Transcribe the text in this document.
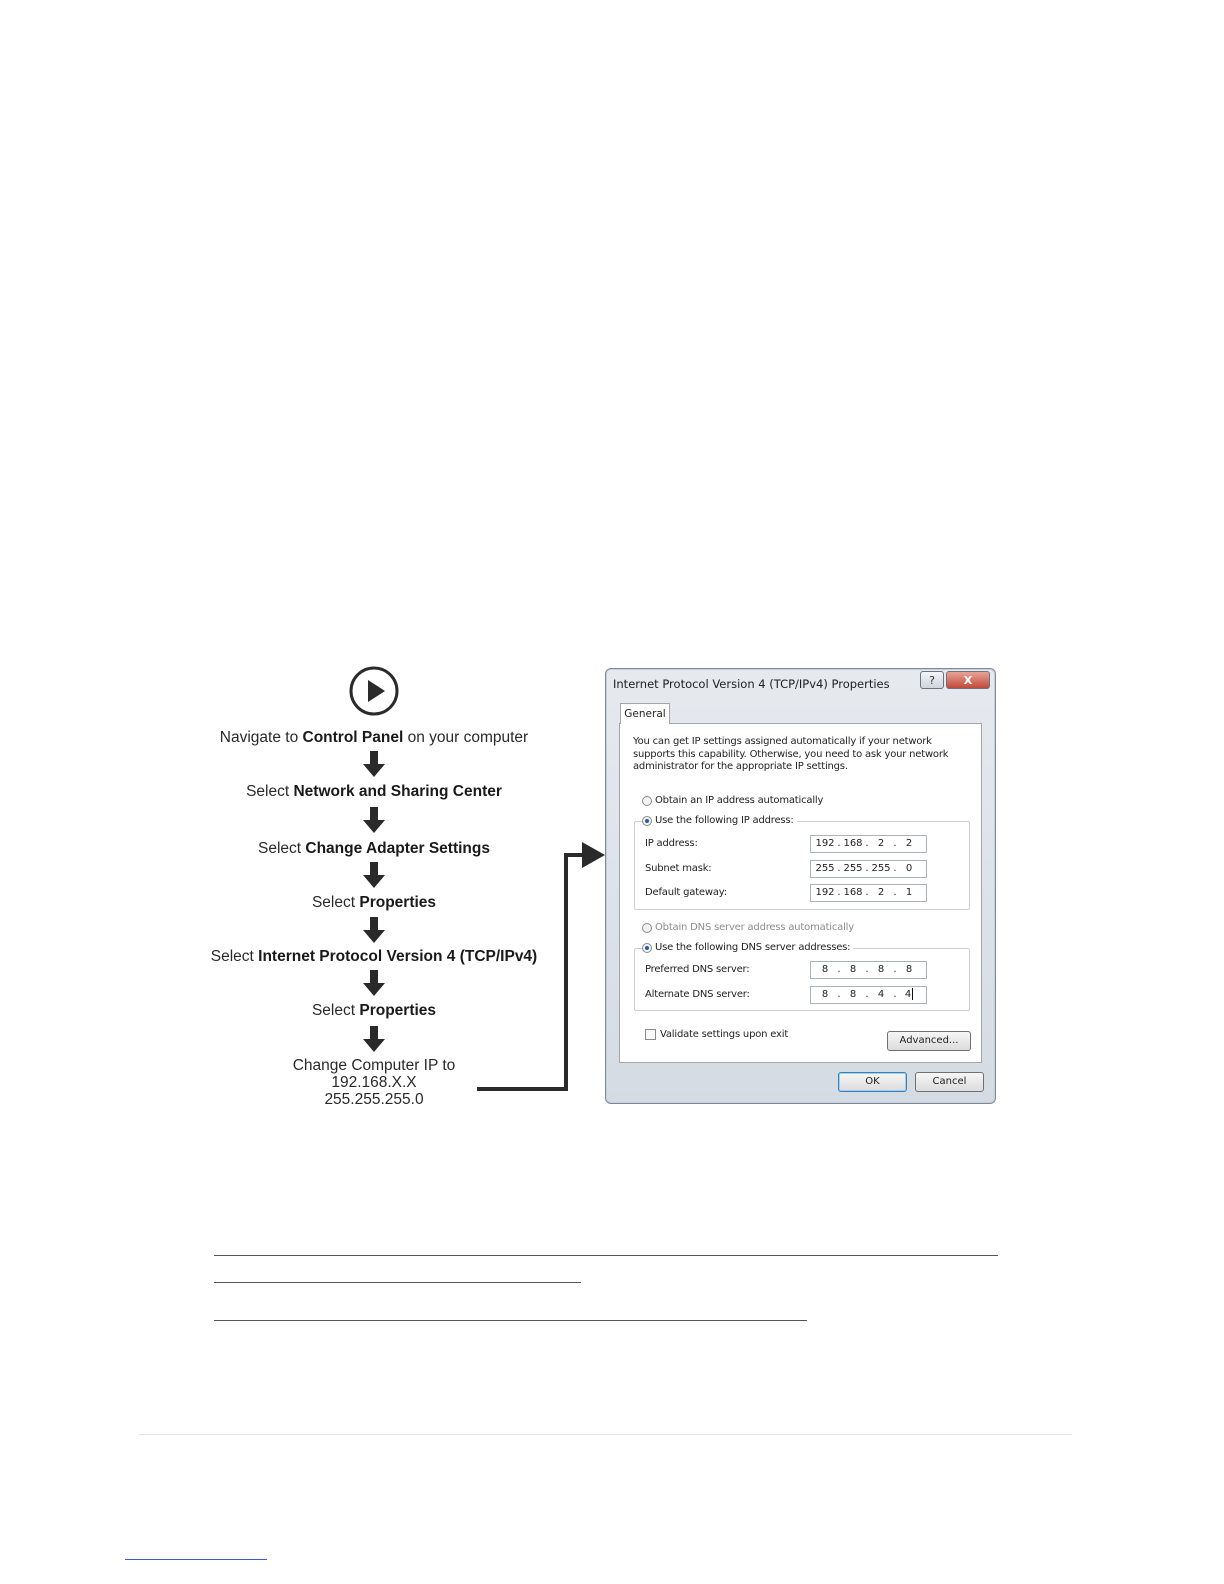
Navigate to Control Panel on your computer
Select Network and Sharing Center
Select Change Adapter Settings
Select Properties
Select Internet Protocol Version 4 (TCP/IPv4)
Select Properties
Change Computer IP to
192.168.X.X
255.255.255.0
Internet Protocol Version 4 (TCP/IPv4) Properties	?	X
General
You can get IP settings assigned automatically if your network supports this capability. Otherwise, you need to ask your network administrator for the appropriate IP settings.
Obtain an IP address automatically
Use the following IP address:
IP address:	192 . 168 . 2 . 2
Subnet mask:	255 . 255 . 255 . 0
Default gateway:	192 . 168 . 2 . 1
Obtain DNS server address automatically
Use the following DNS server addresses:
Preferred DNS server:	8 . 8 . 8 . 8
Alternate DNS server:	8 . 8 . 4 . 4
Validate settings upon exit
Advanced...
OK	Cancel
